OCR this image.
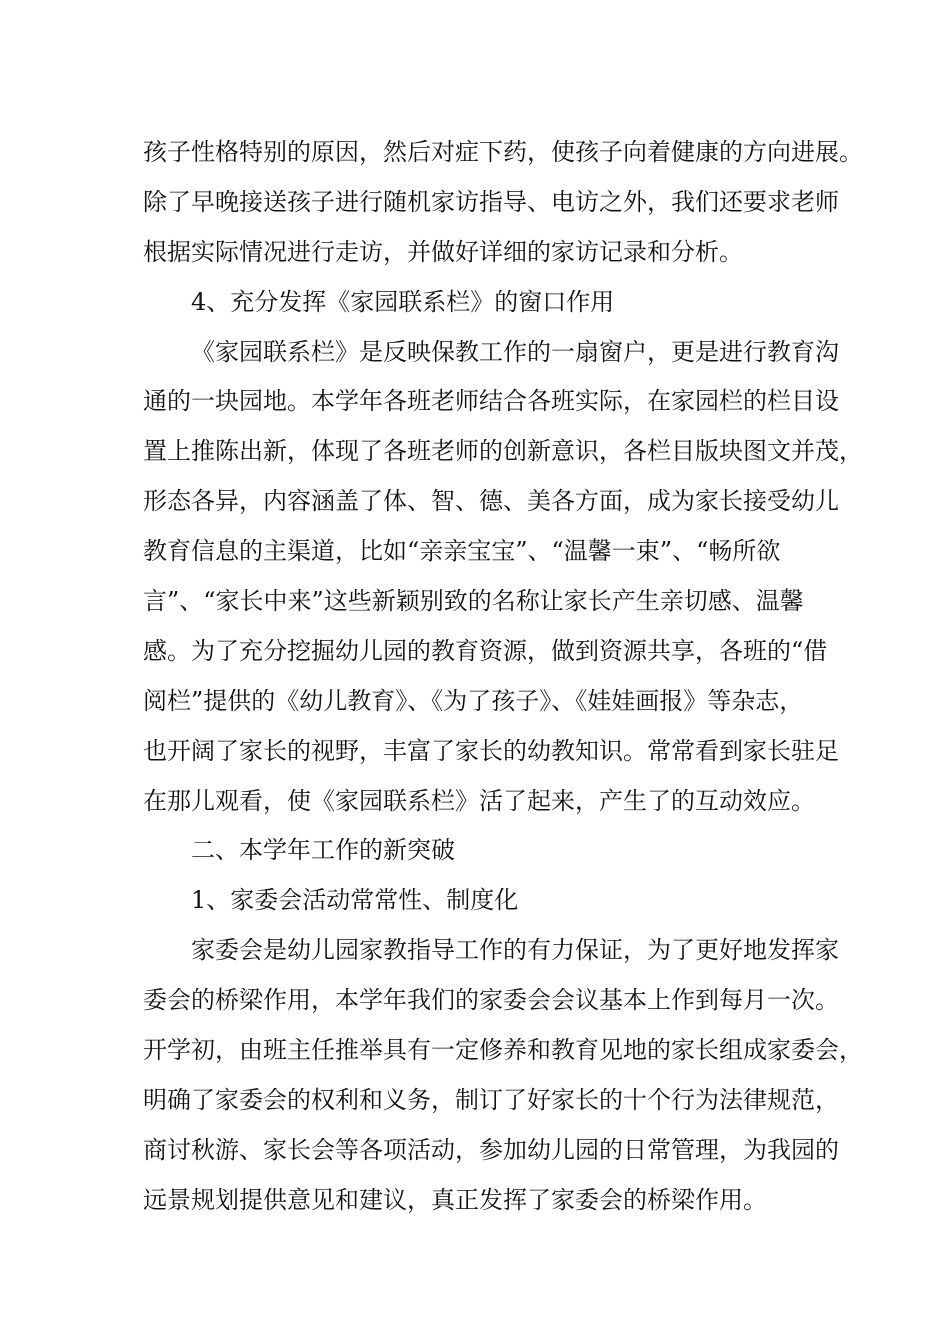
孩子性格特别的原因，然后对症下药，使孩子向着健康的方向进展。
除了早晚接送孩子进行随机家访指导、电访之外，我们还要求老师
根据实际情况进行走访，并做好详细的家访记录和分析。
4、充分发挥《家园联系栏》的窗口作用
《家园联系栏》是反映保教工作的一扇窗户，更是进行教育沟
通的一块园地。本学年各班老师结合各班实际，在家园栏的栏目设
置上推陈出新，体现了各班老师的创新意识，各栏目版块图文并茂，
形态各异，内容涵盖了体、智、德、美各方面，成为家长接受幼儿
教育信息的主渠道，比如“亲亲宝宝”、“温馨一束”、“畅所欲
言”、“家长中来”这些新颖别致的名称让家长产生亲切感、温馨
感。为了充分挖掘幼儿园的教育资源，做到资源共享，各班的“借
阅栏”提供的《幼儿教育》、《为了孩子》、《娃娃画报》等杂志，
也开阔了家长的视野，丰富了家长的幼教知识。常常看到家长驻足
在那儿观看，使《家园联系栏》活了起来，产生了的互动效应。
二、本学年工作的新突破
1、家委会活动常常性、制度化
家委会是幼儿园家教指导工作的有力保证，为了更好地发挥家
委会的桥梁作用，本学年我们的家委会会议基本上作到每月一次。
开学初，由班主任推举具有一定修养和教育见地的家长组成家委会，
明确了家委会的权利和义务，制订了好家长的十个行为法律规范，
商讨秋游、家长会等各项活动，参加幼儿园的日常管理，为我园的
远景规划提供意见和建议，真正发挥了家委会的桥梁作用。
